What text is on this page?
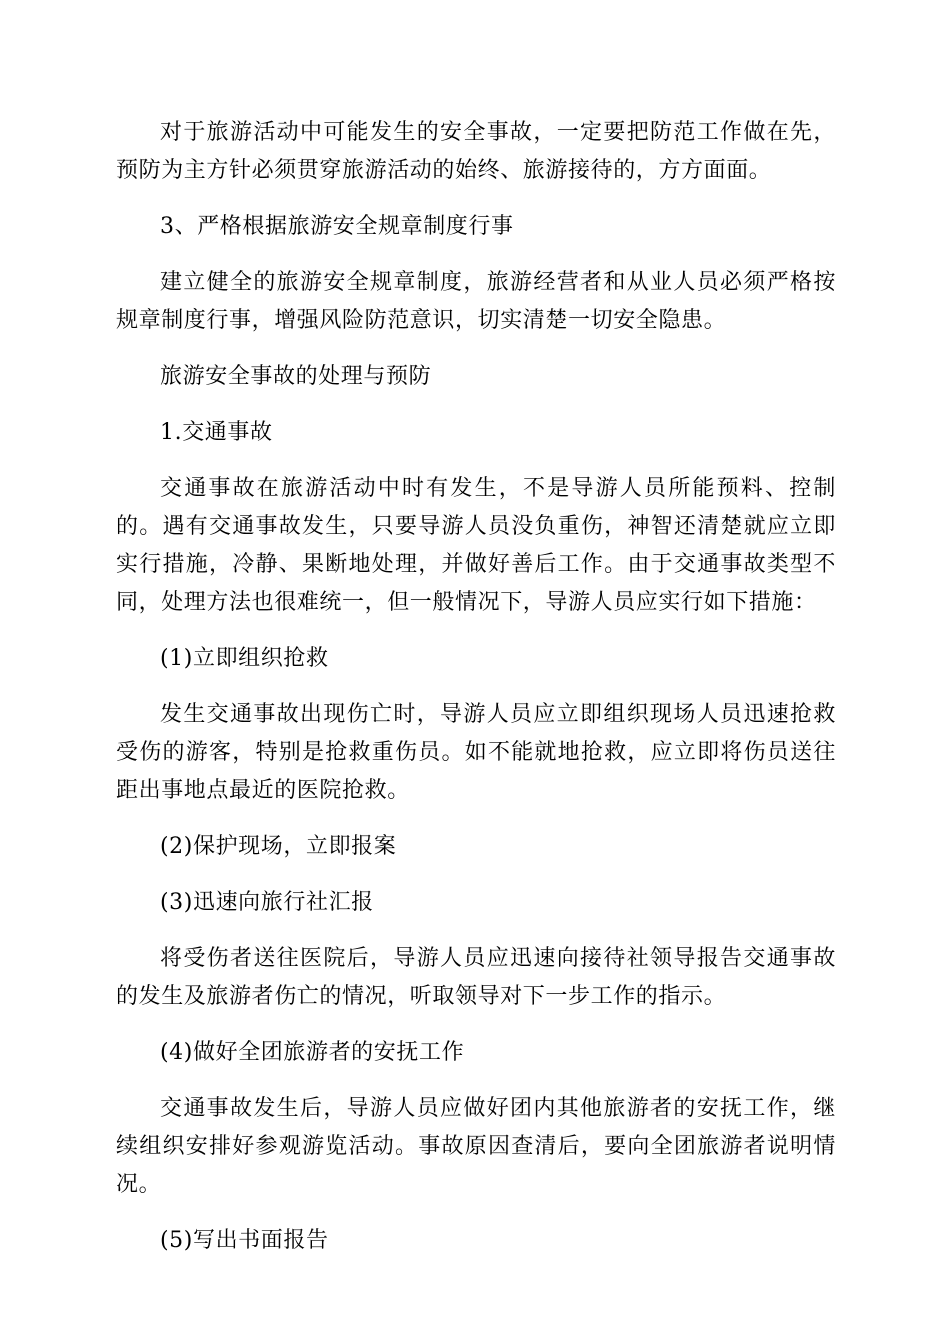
对于旅游活动中可能发生的安全事故，一定要把防范工作做在先，预防为主方针必须贯穿旅游活动的始终、旅游接待的，方方面面。

3、严格根据旅游安全规章制度行事

建立健全的旅游安全规章制度，旅游经营者和从业人员必须严格按规章制度行事，增强风险防范意识，切实清楚一切安全隐患。

旅游安全事故的处理与预防

1.交通事故

交通事故在旅游活动中时有发生，不是导游人员所能预料、控制的。遇有交通事故发生，只要导游人员没负重伤，神智还清楚就应立即实行措施，冷静、果断地处理，并做好善后工作。由于交通事故类型不同，处理方法也很难统一，但一般情况下，导游人员应实行如下措施：

(1)立即组织抢救

发生交通事故出现伤亡时，导游人员应立即组织现场人员迅速抢救受伤的游客，特别是抢救重伤员。如不能就地抢救，应立即将伤员送往距出事地点最近的医院抢救。

(2)保护现场，立即报案

(3)迅速向旅行社汇报

将受伤者送往医院后，导游人员应迅速向接待社领导报告交通事故的发生及旅游者伤亡的情况，听取领导对下一步工作的指示。

(4)做好全团旅游者的安抚工作

交通事故发生后，导游人员应做好团内其他旅游者的安抚工作，继续组织安排好参观游览活动。事故原因查清后，要向全团旅游者说明情况。

(5)写出书面报告
